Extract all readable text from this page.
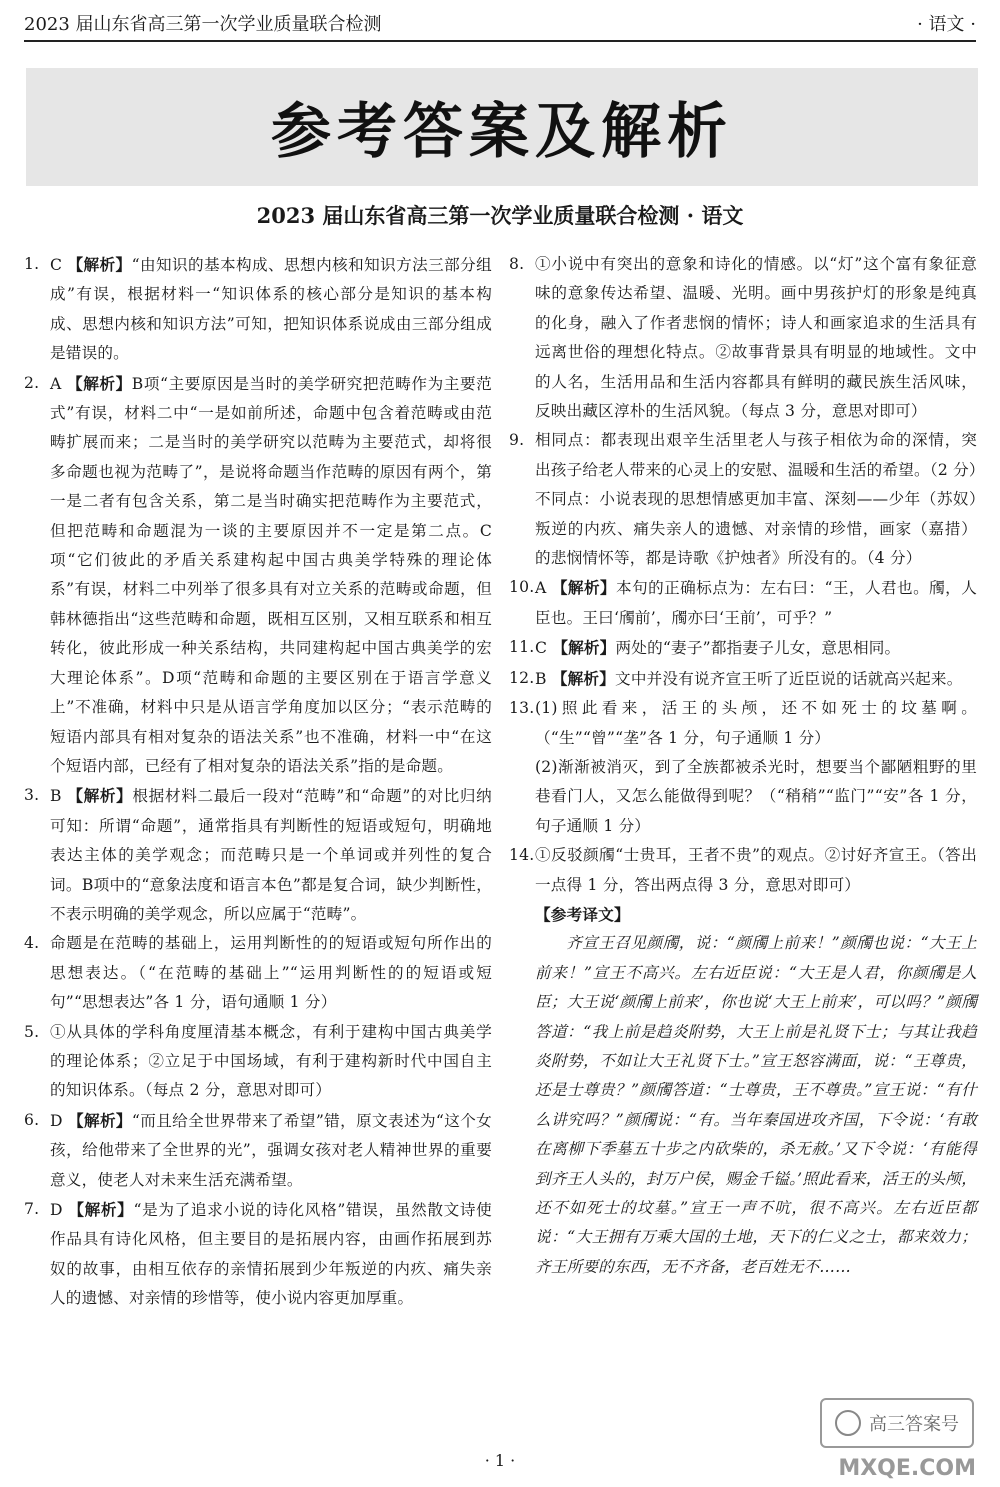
2023 届山东省高三第一次学业质量联合检测	· 语文 ·
参考答案及解析
2023 届山东省高三第一次学业质量联合检测 · 语文
1. C 【解析】“由知识的基本构成、思想内核和知识方法三部分组成”有误，根据材料一“知识体系的核心部分是知识的基本构成、思想内核和知识方法”可知，把知识体系说成由三部分组成是错误的。
2. A 【解析】B项“主要原因是当时的美学研究把范畴作为主要范式”有误，材料二中“一是如前所述，命题中包含着范畴或由范畴扩展而来；二是当时的美学研究以范畴为主要范式，却将很多命题也视为范畴了”，是说将命题当作范畴的原因有两个，第一是二者有包含关系，第二是当时确实把范畴作为主要范式，但把范畴和命题混为一谈的主要原因并不一定是第二点。C项“它们彼此的矛盾关系建构起中国古典美学特殊的理论体系”有误，材料二中列举了很多具有对立关系的范畴或命题，但韩林德指出“这些范畴和命题，既相互区别，又相互联系和相互转化，彼此形成一种关系结构，共同建构起中国古典美学的宏大理论体系”。D项“范畴和命题的主要区别在于语言学意义上”不准确，材料中只是从语言学角度加以区分；“表示范畴的短语内部具有相对复杂的语法关系”也不准确，材料一中“在这个短语内部，已经有了相对复杂的语法关系”指的是命题。
3. B 【解析】根据材料二最后一段对“范畴”和“命题”的对比归纳可知：所谓“命题”，通常指具有判断性的短语或短句，明确地表达主体的美学观念；而范畴只是一个单词或并列性的复合词。B项中的“意象法度和语言本色”都是复合词，缺少判断性，不表示明确的美学观念，所以应属于“范畴”。
4. 命题是在范畴的基础上，运用判断性的的短语或短句所作出的思想表达。（“在范畴的基础上”“运用判断性的的短语或短句”“思想表达”各 1 分，语句通顺 1 分）
5. ①从具体的学科角度厘清基本概念，有利于建构中国古典美学的理论体系；②立足于中国场域，有利于建构新时代中国自主的知识体系。（每点 2 分，意思对即可）
6. D 【解析】“而且给全世界带来了希望”错，原文表述为“这个女孩，给他带来了全世界的光”，强调女孩对老人精神世界的重要意义，使老人对未来生活充满希望。
7. D 【解析】“是为了追求小说的诗化风格”错误，虽然散文诗使作品具有诗化风格，但主要目的是拓展内容，由画作拓展到苏奴的故事，由相互依存的亲情拓展到少年叛逆的内疚、痛失亲人的遗憾、对亲情的珍惜等，使小说内容更加厚重。
8. ①小说中有突出的意象和诗化的情感。以“灯”这个富有象征意味的意象传达希望、温暖、光明。画中男孩护灯的形象是纯真的化身，融入了作者悲悯的情怀；诗人和画家追求的生活具有远离世俗的理想化特点。②故事背景具有明显的地域性。文中的人名，生活用品和生活内容都具有鲜明的藏民族生活风味，反映出藏区淳朴的生活风貌。（每点 3 分，意思对即可）
9. 相同点：都表现出艰辛生活里老人与孩子相依为命的深情，突出孩子给老人带来的心灵上的安慰、温暖和生活的希望。（2 分）
不同点：小说表现的思想情感更加丰富、深刻——少年（苏奴）叛逆的内疚、痛失亲人的遗憾、对亲情的珍惜，画家（嘉措）的悲悯情怀等，都是诗歌《护烛者》所没有的。（4 分）
10. A 【解析】本句的正确标点为：左右曰：“王，人君也。斶，人臣也。王曰‘斶前’，斶亦曰‘王前’，可乎？”
11. C 【解析】两处的“妻子”都指妻子儿女，意思相同。
12. B 【解析】文中并没有说齐宣王听了近臣说的话就高兴起来。
13. (1)照此看来，活王的头颅，还不如死士的坟墓啊。（“生”“曾”“垄”各 1 分，句子通顺 1 分）
(2)渐渐被消灭，到了全族都被杀光时，想要当个鄙陋粗野的里巷看门人，又怎么能做得到呢？（“稍稍”“监门”“安”各 1 分，句子通顺 1 分）
14. ①反驳颜斶“士贵耳，王者不贵”的观点。②讨好齐宣王。（答出一点得 1 分，答出两点得 3 分，意思对即可）
【参考译文】

齐宣王召见颜斶，说：“颜斶上前来！”颜斶也说：“大王上前来！”宣王不高兴。左右近臣说：“大王是人君，你颜斶是人臣；大王说‘颜斶上前来’，你也说‘大王上前来’，可以吗？”颜斶答道：“我上前是趋炎附势，大王上前是礼贤下士；与其让我趋炎附势，不如让大王礼贤下士。”宣王怒容满面，说：“王尊贵，还是士尊贵？”颜斶答道：“士尊贵，王不尊贵。”宣王说：“有什么讲究吗？”颜斶说：“有。当年秦国进攻齐国，下令说：‘有敢在离柳下季墓五十步之内砍柴的，杀无赦。’又下令说：‘有能得到齐王人头的，封万户侯，赐金千镒。’照此看来，活王的头颅，还不如死士的坟墓。”宣王一声不吭，很不高兴。左右近臣都说：“大王拥有万乘大国的土地，天下的仁义之士，都来效力；齐王所要的东西，无不齐备，老百姓无不……

· 1 ·
高三答案号
MXQE.COM
